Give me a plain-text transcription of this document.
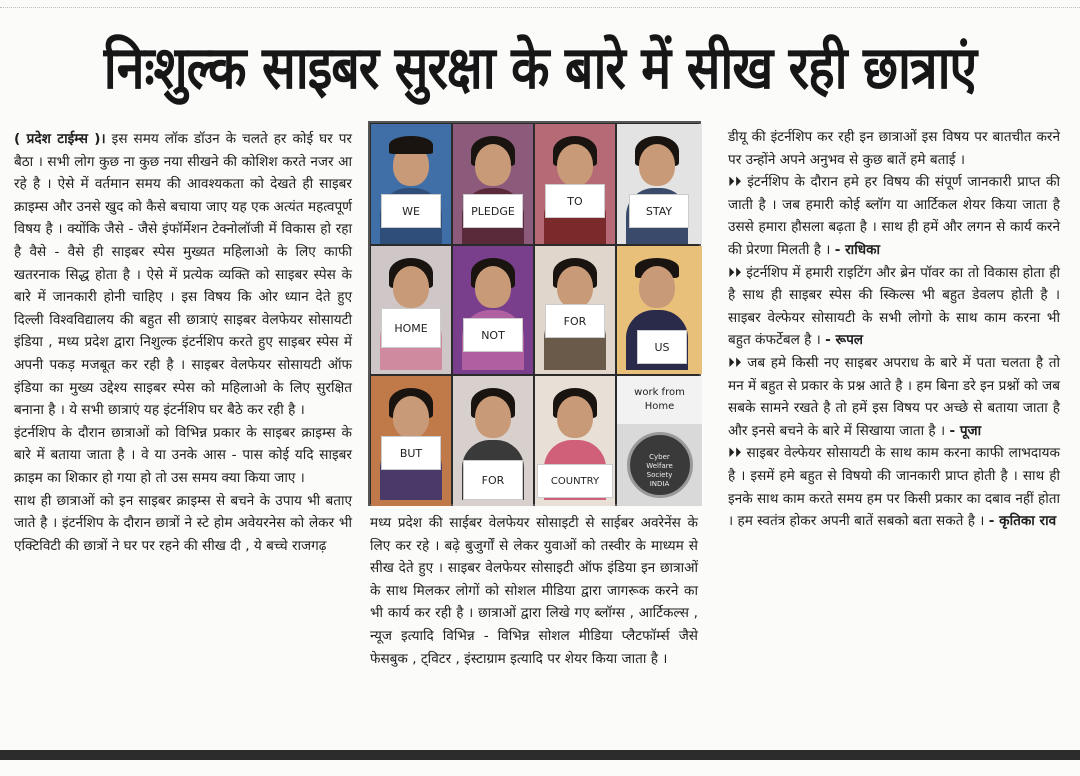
निःशुल्क साइबर सुरक्षा के बारे में सीख रही छात्राएं

( प्रदेश टाईम्स )। इस समय लॉक डॉउन के चलते हर कोई घर पर बैठा । सभी लोग कुछ ना कुछ नया सीखने की कोशिश करते नजर आ रहे है । ऐसे में वर्तमान समय की आवश्यकता को देखते ही साइबर क्राइम्स और उनसे खुद को कैसे बचाया जाए यह एक अत्यंत महत्वपूर्ण विषय है । क्योंकि जैसे - जैसे इंफॉर्मेशन टेक्नोलॉजी में विकास हो रहा है वैसे - वैसे ही साइबर स्पेस मुख्यत महिलाओ के लिए काफी खतरनाक सिद्ध होता है । ऐसे में प्रत्येक व्यक्ति को साइबर स्पेस के बारे में जानकारी होनी चाहिए । इस विषय कि ओर ध्यान देते हुए दिल्ली विश्वविद्यालय की बहुत सी छात्राएं साइबर वेलफेयर सोसायटी इंडिया , मध्य प्रदेश द्वारा निशुल्क इंटर्नशिप करते हुए साइबर स्पेस में अपनी पकड़ मजबूत कर रही है । साइबर वेलफेयर सोसायटी ऑफ इंडिया का मुख्य उद्देश्य साइबर स्पेस को महिलाओ के लिए सुरक्षित बनाना है । ये सभी छात्राएं यह इंटर्नशिप घर बैठे कर रही है ।

इंटर्नशिप के दौरान छात्राओं को विभिन्न प्रकार के साइबर क्राइम्स के बारे में बताया जाता है । वे या उनके आस - पास कोई यदि साइबर क्राइम का शिकार हो गया हो तो उस समय क्या किया जाए ।

साथ ही छात्राओं को इन साइबर क्राइम्स से बचने के उपाय भी बताए जाते है । इंटर्नशिप के दौरान छात्रों ने स्टे होम अवेयरनेस को लेकर भी एक्टिविटी की छात्रों ने घर पर रहने की सीख दी , ये बच्चे राजगढ़

WE	PLEDGE
TO
STAY
HOME
NOT
FOR
US
BUT
FOR	COUNTRY
work from Home
Cyber
Welfare
Society
INDIA

मध्य प्रदेश की साईबर वेलफेयर सोसाइटी से साईबर अवरेनेंस के लिए कर रहे । बढ़े बुजुर्गों से लेकर युवाओं को तस्वीर के माध्यम से सीख देते हुए । साइबर वेलफेयर सोसाइटी ऑफ इंडिया इन छात्राओं के साथ मिलकर लोगों को सोशल मीडिया द्वारा जागरूक करने का भी कार्य कर रही है । छात्राओं द्वारा लिखे गए ब्लॉग्स , आर्टिकल्स , न्यूज इत्यादि विभिन्न - विभिन्न सोशल मीडिया प्लैटफॉर्म्स जैसे फेसबुक , ट्विटर , इंस्टाग्राम इत्यादि पर शेयर किया जाता है ।

डीयू की इंटर्नशिप कर रही इन छात्राओं इस विषय पर बातचीत करने पर उन्होंने अपने अनुभव से कुछ बातें हमे बताई ।

⏵⏵ इंटर्नशिप के दौरान हमे हर विषय की संपूर्ण जानकारी प्राप्त की जाती है । जब हमारी कोई ब्लॉग या आर्टिकल शेयर किया जाता है उससे हमारा हौसला बढ़ता है । साथ ही हमें और लगन से कार्य करने की प्रेरणा मिलती है । - राधिका

⏵⏵ इंटर्नशिप में हमारी राइटिंग और ब्रेन पॉवर का तो विकास होता ही है साथ ही साइबर स्पेस की स्किल्स भी बहुत डेवलप होती है । साइबर वेल्फेयर सोसायटी के सभी लोगो के साथ काम करना भी बहुत कंफर्टेबल है । - रूपल

⏵⏵ जब हमे किसी नए साइबर अपराध के बारे में पता चलता है तो मन में बहुत से प्रकार के प्रश्न आते है । हम बिना डरे इन प्रश्नों को जब सबके सामने रखते है तो हमें इस विषय पर अच्छे से बताया जाता है और इनसे बचने के बारे में सिखाया जाता है । - पूजा

⏵⏵ साइबर वेल्फेयर सोसायटी के साथ काम करना काफी लाभदायक है । इसमें हमे बहुत से विषयो की जानकारी प्राप्त होती है । साथ ही इनके साथ काम करते समय हम पर किसी प्रकार का दबाव नहीं होता । हम स्वतंत्र होकर अपनी बातें सबको बता सकते है । - कृतिका राव
